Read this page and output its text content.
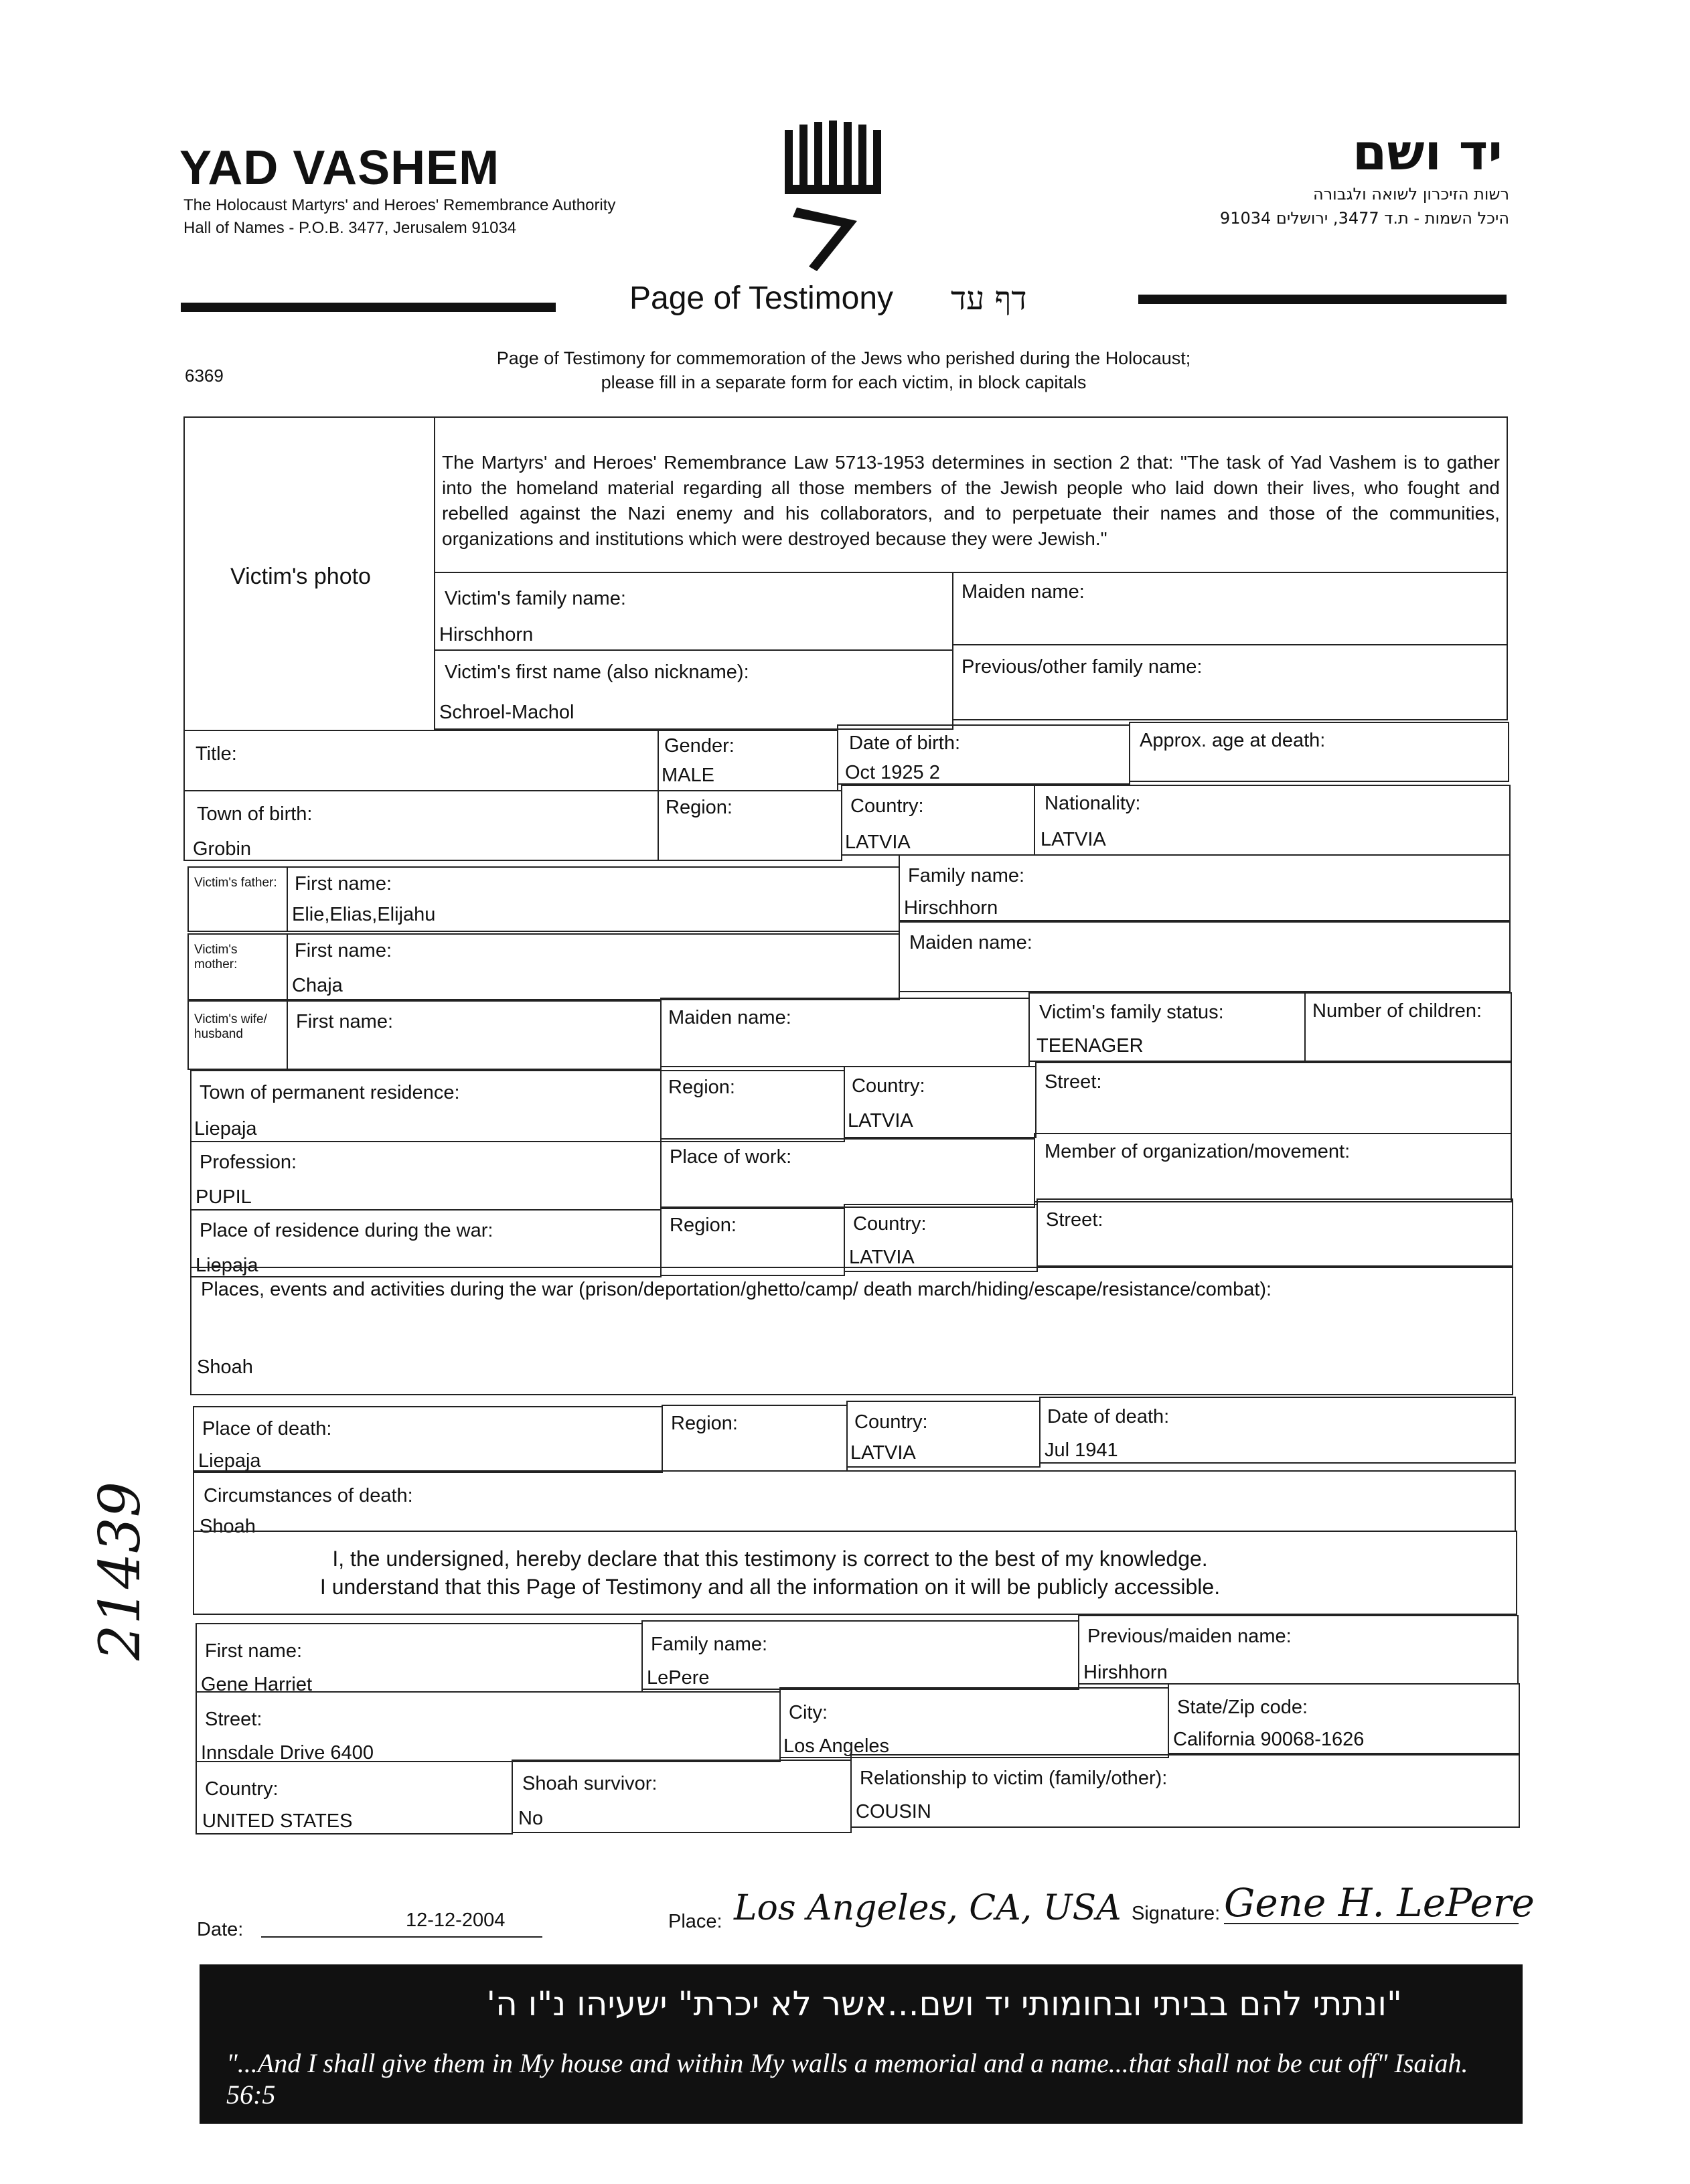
YAD VASHEM
The Holocaust Martyrs' and Heroes' Remembrance Authority
Hall of Names - P.O.B. 3477, Jerusalem 91034
יד ושם
רשות הזיכרון לשואה ולגבורה
היכל השמות - ת.ד 3477, ירושלים 91034
Page of Testimony דף עד
6369
Page of Testimony for commemoration of the Jews who perished during the Holocaust;
please fill in a separate form for each victim, in block capitals
Victim's photo
The Martyrs' and Heroes' Remembrance Law 5713-1953 determines in section 2 that: "The task of Yad Vashem is to gather into the homeland material regarding all those members of the Jewish people who laid down their lives, who fought and rebelled against the Nazi enemy and his collaborators, and to perpetuate their names and those of the communities, organizations and institutions which were destroyed because they were Jewish."
Victim's family name:
Hirschhorn
Maiden name:
Victim's first name (also nickname):
Schroel-Machol
Previous/other family name:
Title:	Gender:
MALE
Date of birth:
Oct 1925 2
Approx. age at death:
Town of birth:
Grobin
Region:	Country:
LATVIA
Nationality:
LATVIA
Victim's father: First name:
Elie,Elias,Elijahu
Family name:
Hirschhorn
Victim's mother:
First name:
Chaja
Maiden name:
Victim's wife/ husband
First name:	Maiden name:	Victim's family status:
TEENAGER
Number of children:
Town of permanent residence:
Liepaja
Region:	Country:
LATVIA
Street:
Profession:
PUPIL
Place of work:	Member of organization/movement:
Place of residence during the war:
Liepaja
Region:	Country:
LATVIA
Street:
Places, events and activities during the war (prison/deportation/ghetto/camp/ death march/hiding/escape/resistance/combat):
Shoah
Place of death:
Liepaja
Region:	Country:
LATVIA
Date of death:
Jul 1941
Circumstances of death:
Shoah
I, the undersigned, hereby declare that this testimony is correct to the best of my knowledge.
I understand that this Page of Testimony and all the information on it will be publicly accessible.
First name:
Gene Harriet
Family name:
LePere
Previous/maiden name:
Hirshhorn
Street:
Innsdale Drive 6400
City:
Los Angeles
State/Zip code:
California 90068-1626
Country:
UNITED STATES
Shoah survivor:
No
Relationship to victim (family/other):
COUSIN
Date:	12-12-2004	Place: Los Angeles, CA, USA Signature: Gene H. LePere
21439
"ונתתי להם בביתי ובחומותי יד ושם...אשר לא יכרת" ישעיהו נ"ו ה'
"...And I shall give them in My house and within My walls a memorial and a name...that shall not be cut off" Isaiah. 56:5
